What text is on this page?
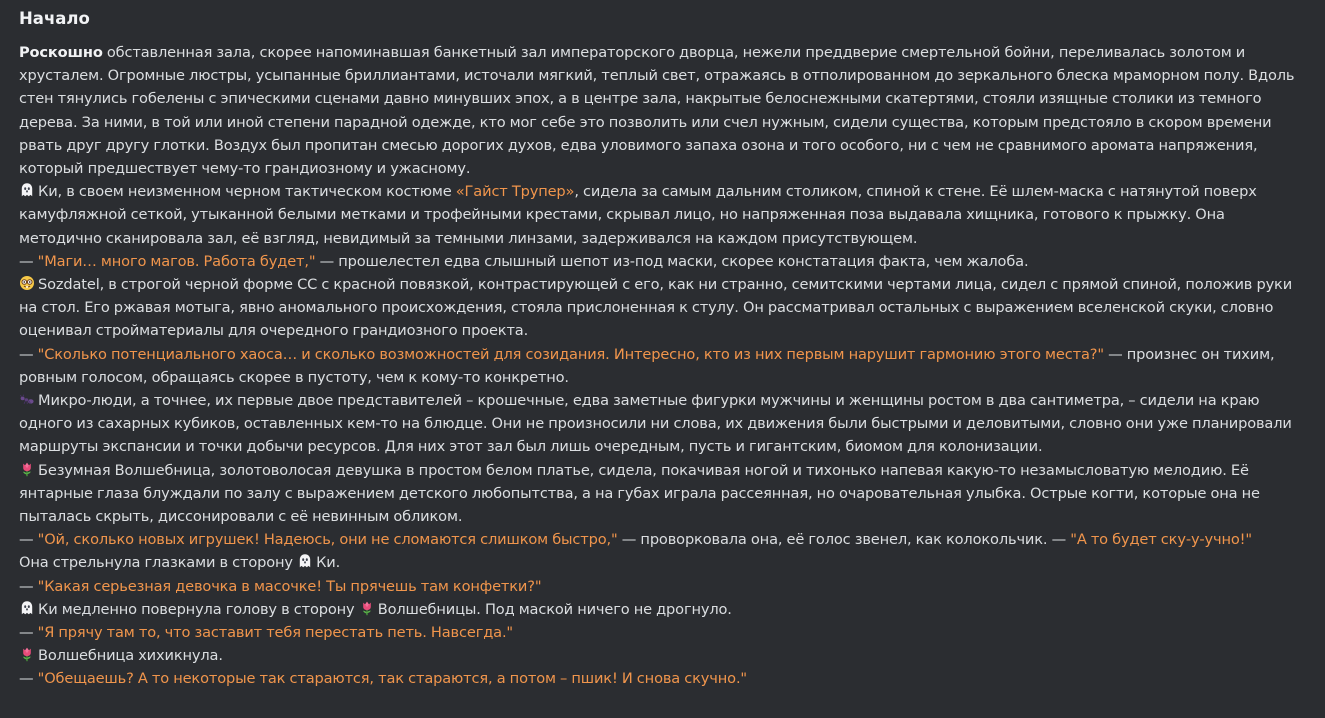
Начало

Роскошно обставленная зала, скорее напоминавшая банкетный зал императорского дворца, нежели преддверие смертельной бойни, переливалась золотом и хрусталем. Огромные люстры, усыпанные бриллиантами, источали мягкий, теплый свет, отражаясь в отполированном до зеркального блеска мраморном полу. Вдоль стен тянулись гобелены с эпическими сценами давно минувших эпох, а в центре зала, накрытые белоснежными скатертями, стояли изящные столики из темного дерева. За ними, в той или иной степени парадной одежде, кто мог себе это позволить или счел нужным, сидели существа, которым предстояло в скором времени рвать друг другу глотки. Воздух был пропитан смесью дорогих духов, едва уловимого запаха озона и того особого, ни с чем не сравнимого аромата напряжения, который предшествует чему-то грандиозному и ужасному.

Ки, в своем неизменном черном тактическом костюме «Гайст Трупер», сидела за самым дальним столиком, спиной к стене. Её шлем-маска с натянутой поверх камуфляжной сеткой, утыканной белыми метками и трофейными крестами, скрывал лицо, но напряженная поза выдавала хищника, готового к прыжку. Она методично сканировала зал, её взгляд, невидимый за темными линзами, задерживался на каждом присутствующем.

— "Маги… много магов. Работа будет," — прошелестел едва слышный шепот из-под маски, скорее констатация факта, чем жалоба.

Sozdatel, в строгой черной форме СС с красной повязкой, контрастирующей с его, как ни странно, семитскими чертами лица, сидел с прямой спиной, положив руки на стол. Его ржавая мотыга, явно аномального происхождения, стояла прислоненная к стулу. Он рассматривал остальных с выражением вселенской скуки, словно оценивал стройматериалы для очередного грандиозного проекта.

— "Сколько потенциального хаоса… и сколько возможностей для созидания. Интересно, кто из них первым нарушит гармонию этого места?" — произнес он тихим, ровным голосом, обращаясь скорее в пустоту, чем к кому-то конкретно.

Микро-люди, а точнее, их первые двое представителей – крошечные, едва заметные фигурки мужчины и женщины ростом в два сантиметра, – сидели на краю одного из сахарных кубиков, оставленных кем-то на блюдце. Они не произносили ни слова, их движения были быстрыми и деловитыми, словно они уже планировали маршруты экспансии и точки добычи ресурсов. Для них этот зал был лишь очередным, пусть и гигантским, биомом для колонизации.

Безумная Волшебница, золотоволосая девушка в простом белом платье, сидела, покачивая ногой и тихонько напевая какую-то незамысловатую мелодию. Её янтарные глаза блуждали по залу с выражением детского любопытства, а на губах играла рассеянная, но очаровательная улыбка. Острые когти, которые она не пыталась скрыть, диссонировали с её невинным обликом.

— "Ой, сколько новых игрушек! Надеюсь, они не сломаются слишком быстро," — проворковала она, её голос звенел, как колокольчик. — "А то будет ску-у-учно!"

Она стрельнула глазками в сторону
Ки.

— "Какая серьезная девочка в масочке! Ты прячешь там конфетки?"

Ки медленно повернула голову в сторону
Волшебницы. Под маской ничего не дрогнуло.

— "Я прячу там то, что заставит тебя перестать петь. Навсегда."

Волшебница хихикнула.

— "Обещаешь? А то некоторые так стараются, так стараются, а потом – пшик! И снова скучно."
